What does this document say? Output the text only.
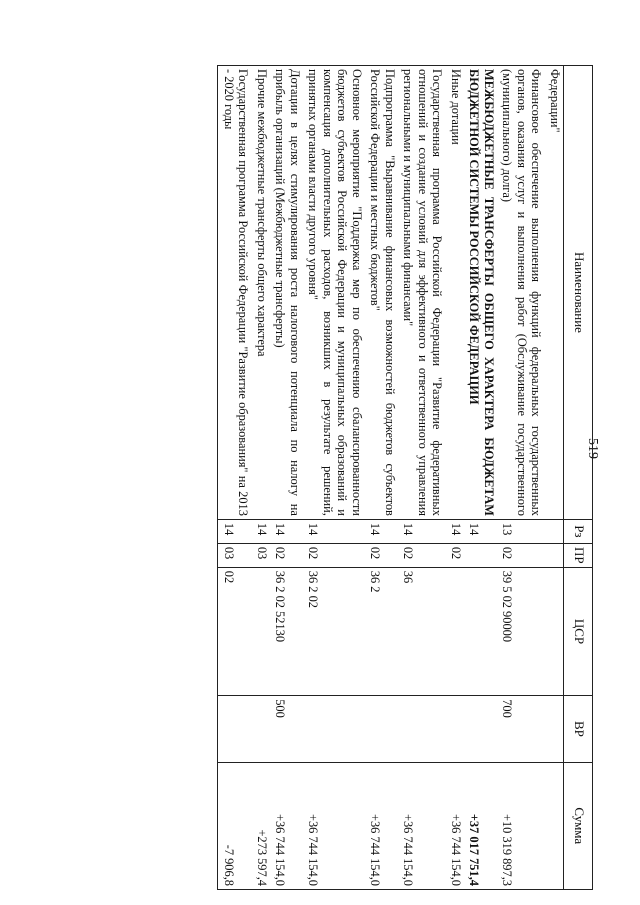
519
Наименование	Рз	ПР	ЦСР	ВР	Сумма
Федерации"					
Финансовое обеспечение выполнения функций федеральных государственных органов, оказания услуг и выполнения работ (Обслуживание государственного (муниципального) долга)	13	02	39 5 02 90000	700	+10 319 897,3
МЕЖБЮДЖЕТНЫЕ ТРАНСФЕРТЫ ОБЩЕГО ХАРАКТЕРА БЮДЖЕТАМ БЮДЖЕТНОЙ СИСТЕМЫ РОССИЙСКОЙ ФЕДЕРАЦИИ	14				+37 017 751,4
Иные дотации	14	02			+36 744 154,0
Государственная программа Российской Федерации "Развитие федеративных отношений и создание условий для эффективного и ответственного управления региональными и муниципальными финансами"	14	02	36		+36 744 154,0
Подпрограмма "Выравнивание финансовых возможностей бюджетов субъектов Российской Федерации и местных бюджетов"	14	02	36 2		+36 744 154,0
Основное мероприятие "Поддержка мер по обеспечению сбалансированности бюджетов субъектов Российской Федерации и муниципальных образований и компенсация дополнительных расходов, возникших в результате решений, принятых органами власти другого уровня"	14	02	36 2 02		+36 744 154,0
Дотации в целях стимулирования роста налогового потенциала по налогу на прибыль организаций (Межбюджетные трансферты)	14	02	36 2 02 52130	500	+36 744 154,0
Прочие межбюджетные трансферты общего характера	14	03			+273 597,4
Государственная программа Российской Федерации "Развитие образования" на 2013 - 2020 годы	14	03	02		-7 906,8
